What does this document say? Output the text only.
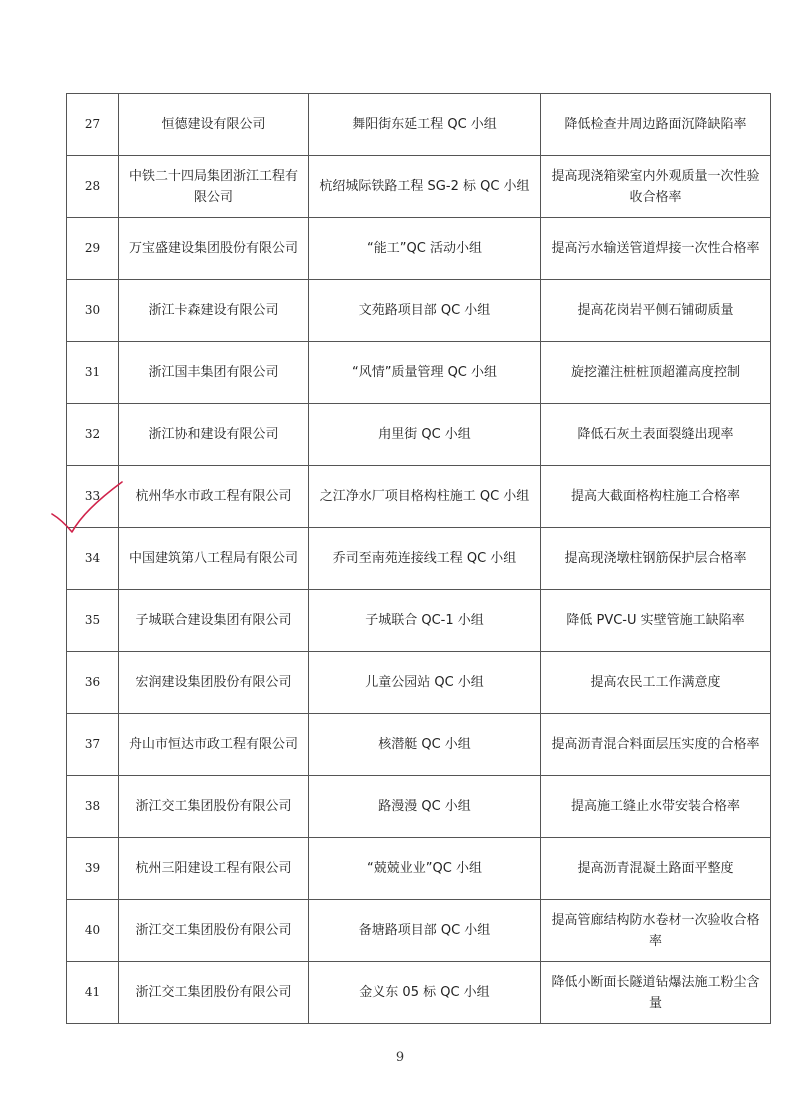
27	恒德建设有限公司	舞阳街东延工程 QC 小组	降低检查井周边路面沉降缺陷率
28	中铁二十四局集团浙江工程有限公司	杭绍城际铁路工程 SG-2 标 QC 小组	提高现浇箱梁室内外观质量一次性验收合格率
29	万宝盛建设集团股份有限公司	“能工”QC 活动小组	提高污水输送管道焊接一次性合格率
30	浙江卡森建设有限公司	文苑路项目部 QC 小组	提高花岗岩平侧石铺砌质量
31	浙江国丰集团有限公司	“风情”质量管理 QC 小组	旋挖灌注桩桩顶超灌高度控制
32	浙江协和建设有限公司	甪里街 QC 小组	降低石灰土表面裂缝出现率
33	杭州华水市政工程有限公司	之江净水厂项目格构柱施工 QC 小组	提高大截面格构柱施工合格率
34	中国建筑第八工程局有限公司	乔司至南苑连接线工程 QC 小组	提高现浇墩柱钢筋保护层合格率
35	子城联合建设集团有限公司	子城联合 QC-1 小组	降低 PVC-U 实壁管施工缺陷率
36	宏润建设集团股份有限公司	儿童公园站 QC 小组	提高农民工工作满意度
37	舟山市恒达市政工程有限公司	核潜艇 QC 小组	提高沥青混合料面层压实度的合格率
38	浙江交工集团股份有限公司	路漫漫 QC 小组	提高施工缝止水带安装合格率
39	杭州三阳建设工程有限公司	“兢兢业业”QC 小组	提高沥青混凝土路面平整度
40	浙江交工集团股份有限公司	备塘路项目部 QC 小组	提高管廊结构防水卷材一次验收合格率
41	浙江交工集团股份有限公司	金义东 05 标 QC 小组	降低小断面长隧道钻爆法施工粉尘含量
9
